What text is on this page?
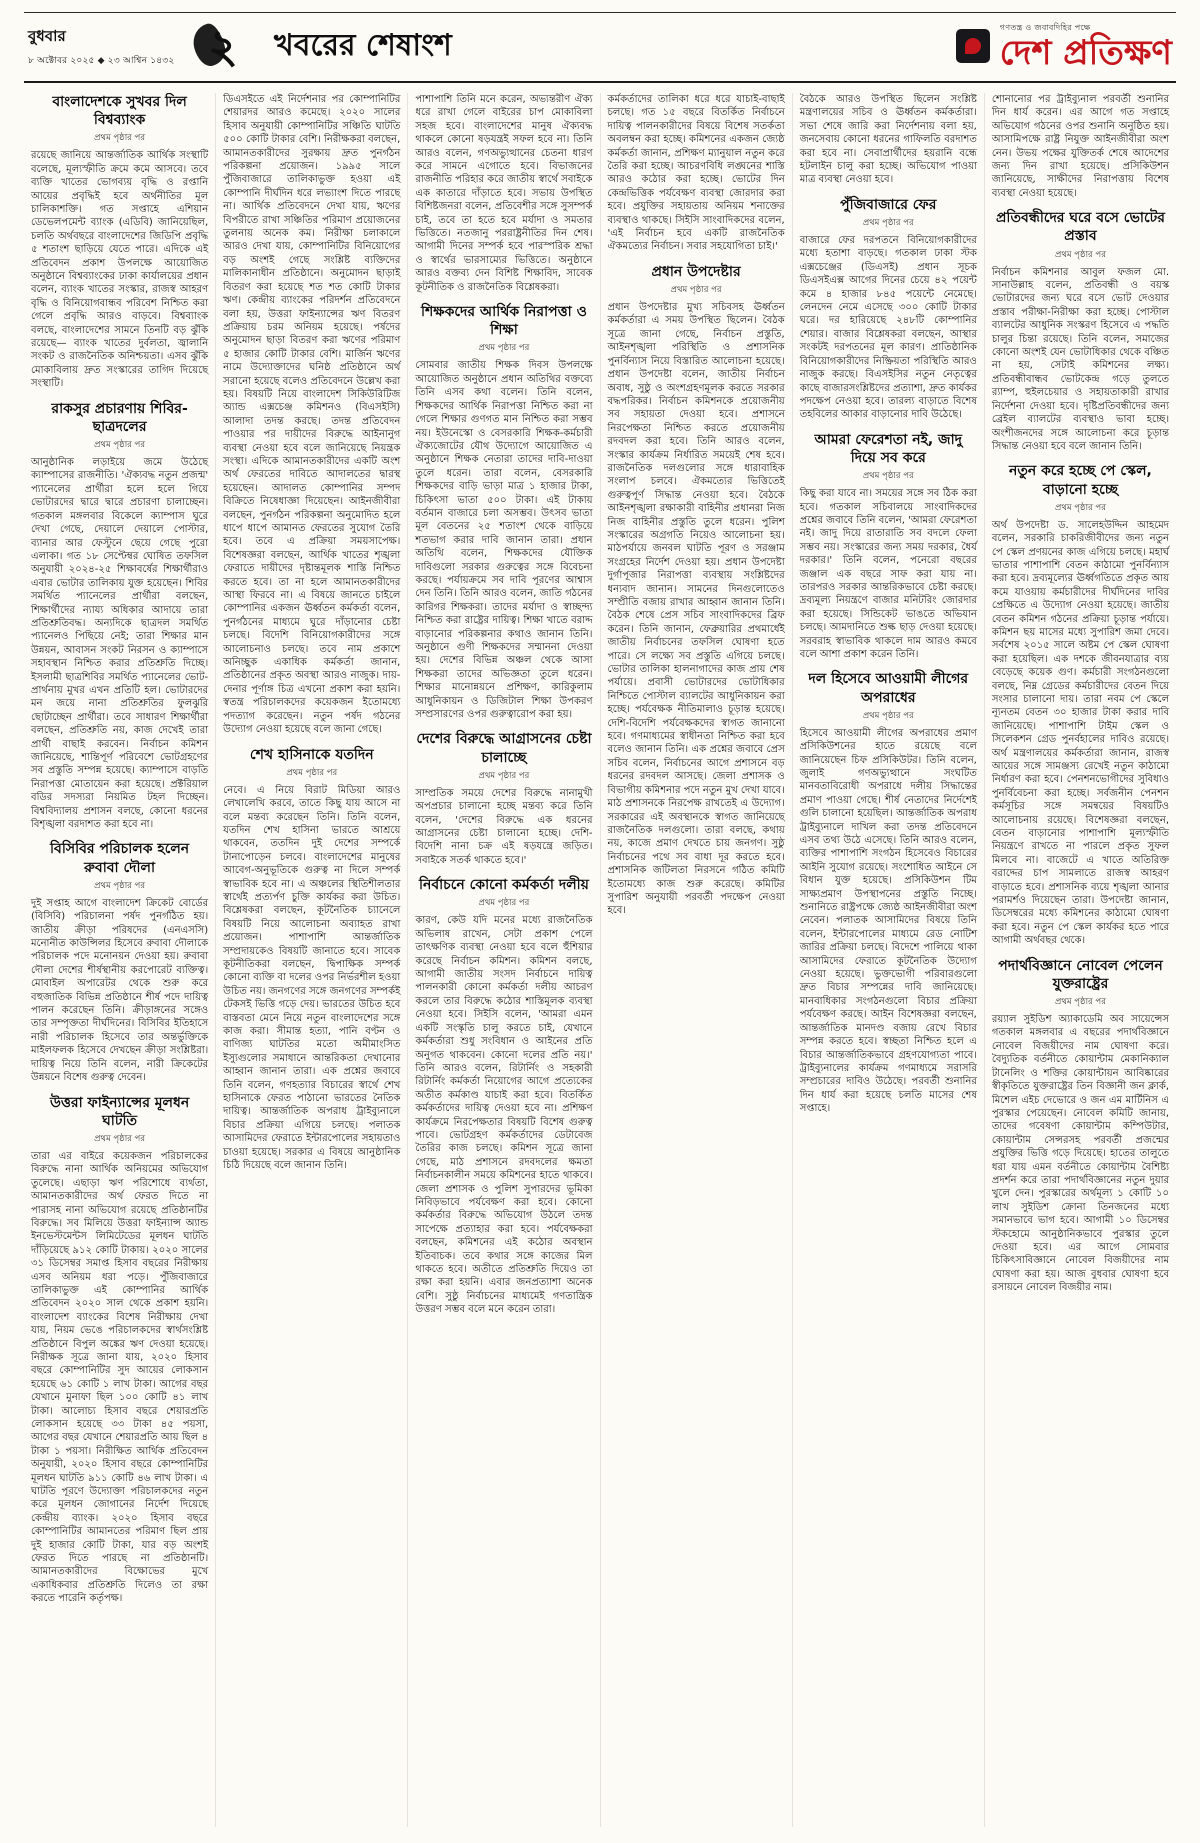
বুধবার
৮ অক্টোবর ২০২৫ ◆ ২৩ আশ্বিন ১৪৩২ ২ খবরের শেষাংশ
গণতন্ত্র ও জবাবদিহির পক্ষে
দেশ প্রতিক্ষণ
বাংলাদেশকে সুখবর দিল বিশ্বব্যাংক
প্রথম পৃষ্ঠার পর

রয়েছে জানিয়ে আন্তর্জাতিক আর্থিক সংস্থাটি বলেছে, মূল্যস্ফীতি ক্রমে কমে আসবে। তবে ব্যক্তি খাতের ভোগব্যয় বৃদ্ধি ও রপ্তানি আয়ের প্রবৃদ্ধিই হবে অর্থনীতির মূল চালিকাশক্তি। গত সপ্তাহে এশিয়ান ডেভেলপমেন্ট ব্যাংক (এডিবি) জানিয়েছিল, চলতি অর্থবছরে বাংলাদেশের জিডিপি প্রবৃদ্ধি ৫ শতাংশ ছাড়িয়ে যেতে পারে। এদিকে এই প্রতিবেদন প্রকাশ উপলক্ষে আয়োজিত অনুষ্ঠানে বিশ্বব্যাংকের ঢাকা কার্যালয়ের প্রধান বলেন, ব্যাংক খাতের সংস্কার, রাজস্ব আহরণ বৃদ্ধি ও বিনিয়োগবান্ধব পরিবেশ নিশ্চিত করা গেলে প্রবৃদ্ধি আরও বাড়বে। বিশ্বব্যাংক বলছে, বাংলাদেশের সামনে তিনটি বড় ঝুঁকি রয়েছে— ব্যাংক খাতের দুর্বলতা, জ্বালানি সংকট ও রাজনৈতিক অনিশ্চয়তা। এসব ঝুঁকি মোকাবিলায় দ্রুত সংস্কারের তাগিদ দিয়েছে সংস্থাটি।

রাকসুর প্রচারণায় শিবির-ছাত্রদলের
প্রথম পৃষ্ঠার পর

আনুষ্ঠানিক লড়াইয়ে জমে উঠেছে ক্যাম্পাসের রাজনীতি। 'ঐক্যবদ্ধ নতুন প্রজন্ম' প্যানেলের প্রার্থীরা হলে হলে গিয়ে ভোটারদের দ্বারে দ্বারে প্রচারণা চালাচ্ছেন। গতকাল মঙ্গলবার বিকেলে ক্যাম্পাস ঘুরে দেখা গেছে, দেয়ালে দেয়ালে পোস্টার, ব্যানার আর ফেস্টুনে ছেয়ে গেছে পুরো এলাকা। গত ১৮ সেপ্টেম্বর ঘোষিত তফসিল অনুযায়ী ২০২৪-২৫ শিক্ষাবর্ষের শিক্ষার্থীরাও এবার ভোটার তালিকায় যুক্ত হয়েছেন। শিবির সমর্থিত প্যানেলের প্রার্থীরা বলছেন, শিক্ষার্থীদের ন্যায্য অধিকার আদায়ে তারা প্রতিশ্রুতিবদ্ধ। অন্যদিকে ছাত্রদল সমর্থিত প্যানেলও পিছিয়ে নেই; তারা শিক্ষার মান উন্নয়ন, আবাসন সংকট নিরসন ও ক্যাম্পাসে সহাবস্থান নিশ্চিত করার প্রতিশ্রুতি দিচ্ছে। ইসলামী ছাত্রশিবির সমর্থিত প্যানেলের ভোট-প্রার্থনায় মুখর এখন প্রতিটি হল। ভোটারদের মন জয়ে নানা প্রতিশ্রুতির ফুলঝুরি ছোটাচ্ছেন প্রার্থীরা। তবে সাধারণ শিক্ষার্থীরা বলছেন, প্রতিশ্রুতি নয়, কাজ দেখেই তারা প্রার্থী বাছাই করবেন। নির্বাচন কমিশন জানিয়েছে, শান্তিপূর্ণ পরিবেশে ভোটগ্রহণের সব প্রস্তুতি সম্পন্ন হয়েছে। ক্যাম্পাসে বাড়তি নিরাপত্তা মোতায়েন করা হয়েছে। প্রক্টরিয়াল বডির সদস্যরা নিয়মিত টহল দিচ্ছেন। বিশ্ববিদ্যালয় প্রশাসন বলছে, কোনো ধরনের বিশৃঙ্খলা বরদাশত করা হবে না।

বিসিবির পরিচালক হলেন রুবাবা দৌলা
প্রথম পৃষ্ঠার পর

দুই সপ্তাহ আগে বাংলাদেশ ক্রিকেট বোর্ডের (বিসিবি) পরিচালনা পর্ষদ পুনর্গঠিত হয়। জাতীয় ক্রীড়া পরিষদের (এনএসসি) মনোনীত কাউন্সিলর হিসেবে রুবাবা দৌলাকে পরিচালক পদে মনোনয়ন দেওয়া হয়। রুবাবা দৌলা দেশের শীর্ষস্থানীয় করপোরেট ব্যক্তিত্ব। মোবাইল অপারেটর থেকে শুরু করে বহুজাতিক বিভিন্ন প্রতিষ্ঠানে শীর্ষ পদে দায়িত্ব পালন করেছেন তিনি। ক্রীড়াঙ্গনের সঙ্গেও তার সম্পৃক্ততা দীর্ঘদিনের। বিসিবির ইতিহাসে নারী পরিচালক হিসেবে তার অন্তর্ভুক্তিকে মাইলফলক হিসেবে দেখছেন ক্রীড়া সংশ্লিষ্টরা। দায়িত্ব নিয়ে তিনি বলেন, নারী ক্রিকেটের উন্নয়নে বিশেষ গুরুত্ব দেবেন।

উত্তরা ফাইন্যান্সের মূলধন ঘাটতি
প্রথম পৃষ্ঠার পর

তারা এর বাইরে কয়েকজন পরিচালকের বিরুদ্ধে নানা আর্থিক অনিয়মের অভিযোগ তুলেছে। এছাড়া ঋণ পরিশোধে ব্যর্থতা, আমানতকারীদের অর্থ ফেরত দিতে না পারাসহ নানা অভিযোগ রয়েছে প্রতিষ্ঠানটির বিরুদ্ধে। সব মিলিয়ে উত্তরা ফাইন্যান্স অ্যান্ড ইনভেস্টমেন্টস লিমিটেডের মূলধন ঘাটতি দাঁড়িয়েছে ৯১২ কোটি টাকায়। ২০২০ সালের ৩১ ডিসেম্বর সমাপ্ত হিসাব বছরের নিরীক্ষায় এসব অনিয়ম ধরা পড়ে। পুঁজিবাজারে তালিকাভুক্ত এই কোম্পানির আর্থিক প্রতিবেদন ২০২০ সাল থেকে প্রকাশ হয়নি। বাংলাদেশ ব্যাংকের বিশেষ নিরীক্ষায় দেখা যায়, নিয়ম ভেঙে পরিচালকদের স্বার্থসংশ্লিষ্ট প্রতিষ্ঠানে বিপুল অঙ্কের ঋণ দেওয়া হয়েছে। নিরীক্ষক সূত্রে জানা যায়, ২০২০ হিসাব বছরে কোম্পানিটির সুদ আয়ের লোকসান হয়েছে ৬১ কোটি ১ লাখ টাকা। আগের বছর যেখানে মুনাফা ছিল ১০০ কোটি ৪১ লাখ টাকা। আলোচ্য হিসাব বছরে শেয়ারপ্রতি লোকসান হয়েছে ৩৩ টাকা ৪৫ পয়সা, আগের বছর যেখানে শেয়ারপ্রতি আয় ছিল ৪ টাকা ১ পয়সা। নিরীক্ষিত আর্থিক প্রতিবেদন অনুযায়ী, ২০২০ হিসাব বছরে কোম্পানিটির মূলধন ঘাটতি ৯১১ কোটি ৪৬ লাখ টাকা। এ ঘাটতি পূরণে উদ্যোক্তা পরিচালকদের নতুন করে মূলধন জোগানের নির্দেশ দিয়েছে কেন্দ্রীয় ব্যাংক। ২০২০ হিসাব বছরে কোম্পানিটির আমানতের পরিমাণ ছিল প্রায় দুই হাজার কোটি টাকা, যার বড় অংশই ফেরত দিতে পারছে না প্রতিষ্ঠানটি। আমানতকারীদের বিক্ষোভের মুখে একাধিকবার প্রতিশ্রুতি দিলেও তা রক্ষা করতে পারেনি কর্তৃপক্ষ।

ডিএসইতে এই নির্দেশনার পর কোম্পানিটির শেয়ারদর আরও কমেছে। ২০২০ সালের হিসাব অনুযায়ী কোম্পানিটির সঞ্চিতি ঘাটতি ৫০০ কোটি টাকার বেশি। নিরীক্ষকরা বলছেন, আমানতকারীদের সুরক্ষায় দ্রুত পুনর্গঠন পরিকল্পনা প্রয়োজন। ১৯৯৫ সালে পুঁজিবাজারে তালিকাভুক্ত হওয়া এই কোম্পানি দীর্ঘদিন ধরে লভ্যাংশ দিতে পারছে না। আর্থিক প্রতিবেদনে দেখা যায়, ঋণের বিপরীতে রাখা সঞ্চিতির পরিমাণ প্রয়োজনের তুলনায় অনেক কম। নিরীক্ষা চলাকালে আরও দেখা যায়, কোম্পানিটির বিনিয়োগের বড় অংশই গেছে সংশ্লিষ্ট ব্যক্তিদের মালিকানাধীন প্রতিষ্ঠানে। অনুমোদন ছাড়াই বিতরণ করা হয়েছে শত শত কোটি টাকার ঋণ। কেন্দ্রীয় ব্যাংকের পরিদর্শন প্রতিবেদনে বলা হয়, উত্তরা ফাইন্যান্সের ঋণ বিতরণ প্রক্রিয়ায় চরম অনিয়ম হয়েছে। পর্ষদের অনুমোদন ছাড়া বিতরণ করা ঋণের পরিমাণ ৫ হাজার কোটি টাকার বেশি। মার্জিন ঋণের নামে উদ্যোক্তাদের ঘনিষ্ঠ প্রতিষ্ঠানে অর্থ সরানো হয়েছে বলেও প্রতিবেদনে উল্লেখ করা হয়। বিষয়টি নিয়ে বাংলাদেশ সিকিউরিটিজ অ্যান্ড এক্সচেঞ্জ কমিশনও (বিএসইসি) আলাদা তদন্ত করছে। তদন্ত প্রতিবেদন পাওয়ার পর দায়ীদের বিরুদ্ধে আইনানুগ ব্যবস্থা নেওয়া হবে বলে জানিয়েছে নিয়ন্ত্রক সংস্থা। এদিকে আমানতকারীদের একটি অংশ অর্থ ফেরতের দাবিতে আদালতের দ্বারস্থ হয়েছেন। আদালত কোম্পানির সম্পদ বিক্রিতে নিষেধাজ্ঞা দিয়েছেন। আইনজীবীরা বলছেন, পুনর্গঠন পরিকল্পনা অনুমোদিত হলে ধাপে ধাপে আমানত ফেরতের সুযোগ তৈরি হবে। তবে এ প্রক্রিয়া সময়সাপেক্ষ। বিশেষজ্ঞরা বলছেন, আর্থিক খাতের শৃঙ্খলা ফেরাতে দায়ীদের দৃষ্টান্তমূলক শাস্তি নিশ্চিত করতে হবে। তা না হলে আমানতকারীদের আস্থা ফিরবে না। এ বিষয়ে জানতে চাইলে কোম্পানির একজন ঊর্ধ্বতন কর্মকর্তা বলেন, পুনর্গঠনের মাধ্যমে ঘুরে দাঁড়ানোর চেষ্টা চলছে। বিদেশি বিনিয়োগকারীদের সঙ্গে আলোচনাও চলছে। তবে নাম প্রকাশে অনিচ্ছুক একাধিক কর্মকর্তা জানান, প্রতিষ্ঠানের প্রকৃত অবস্থা আরও নাজুক। দায়-দেনার পূর্ণাঙ্গ চিত্র এখনো প্রকাশ করা হয়নি। স্বতন্ত্র পরিচালকদের কয়েকজন ইতোমধ্যে পদত্যাগ করেছেন। নতুন পর্ষদ গঠনের উদ্যোগ নেওয়া হয়েছে বলে জানা গেছে।

শেখ হাসিনাকে যতদিন
প্রথম পৃষ্ঠার পর

নেবে। এ নিয়ে বিরাট মিডিয়া আরও লেখালেখি করবে, তাতে কিছু যায় আসে না বলে মন্তব্য করেছেন তিনি। তিনি বলেন, যতদিন শেখ হাসিনা ভারতে আশ্রয়ে থাকবেন, ততদিন দুই দেশের সম্পর্কে টানাপোড়েন চলবে। বাংলাদেশের মানুষের আবেগ-অনুভূতিকে গুরুত্ব না দিলে সম্পর্ক স্বাভাবিক হবে না। এ অঞ্চলের স্থিতিশীলতার স্বার্থেই প্রত্যর্পণ চুক্তি কার্যকর করা উচিত। বিশ্লেষকরা বলছেন, কূটনৈতিক চ্যানেলে বিষয়টি নিয়ে আলোচনা অব্যাহত রাখা প্রয়োজন। পাশাপাশি আন্তর্জাতিক সম্প্রদায়কেও বিষয়টি জানাতে হবে। সাবেক কূটনীতিকরা বলছেন, দ্বিপাক্ষিক সম্পর্ক কোনো ব্যক্তি বা দলের ওপর নির্ভরশীল হওয়া উচিত নয়। জনগণের সঙ্গে জনগণের সম্পর্কই টেকসই ভিত্তি গড়ে দেয়। ভারতের উচিত হবে বাস্তবতা মেনে নিয়ে নতুন বাংলাদেশের সঙ্গে কাজ করা। সীমান্ত হত্যা, পানি বণ্টন ও বাণিজ্য ঘাটতির মতো অমীমাংসিত ইস্যুগুলোর সমাধানে আন্তরিকতা দেখানোর আহ্বান জানান তারা। এক প্রশ্নের জবাবে তিনি বলেন, গণহত্যার বিচারের স্বার্থে শেখ হাসিনাকে ফেরত পাঠানো ভারতের নৈতিক দায়িত্ব। আন্তর্জাতিক অপরাধ ট্রাইব্যুনালে বিচার প্রক্রিয়া এগিয়ে চলছে। পলাতক আসামিদের ফেরাতে ইন্টারপোলের সহায়তাও চাওয়া হয়েছে। সরকার এ বিষয়ে আনুষ্ঠানিক চিঠি দিয়েছে বলে জানান তিনি।

পাশাপাশি তিনি মনে করেন, অভ্যন্তরীণ ঐক্য ধরে রাখা গেলে বাইরের চাপ মোকাবিলা সহজ হবে। বাংলাদেশের মানুষ ঐক্যবদ্ধ থাকলে কোনো ষড়যন্ত্রই সফল হবে না। তিনি আরও বলেন, গণঅভ্যুত্থানের চেতনা ধারণ করে সামনে এগোতে হবে। বিভাজনের রাজনীতি পরিহার করে জাতীয় স্বার্থে সবাইকে এক কাতারে দাঁড়াতে হবে। সভায় উপস্থিত বিশিষ্টজনরা বলেন, প্রতিবেশীর সঙ্গে সুসম্পর্ক চাই, তবে তা হতে হবে মর্যাদা ও সমতার ভিত্তিতে। নতজানু পররাষ্ট্রনীতির দিন শেষ। আগামী দিনের সম্পর্ক হবে পারস্পরিক শ্রদ্ধা ও স্বার্থের ভারসাম্যের ভিত্তিতে। অনুষ্ঠানে আরও বক্তব্য দেন বিশিষ্ট শিক্ষাবিদ, সাবেক কূটনীতিক ও রাজনৈতিক বিশ্লেষকরা।

শিক্ষকদের আর্থিক নিরাপত্তা ও শিক্ষা
প্রথম পৃষ্ঠার পর

সোমবার জাতীয় শিক্ষক দিবস উপলক্ষে আয়োজিত অনুষ্ঠানে প্রধান অতিথির বক্তব্যে তিনি এসব কথা বলেন। তিনি বলেন, শিক্ষকদের আর্থিক নিরাপত্তা নিশ্চিত করা না গেলে শিক্ষার গুণগত মান নিশ্চিত করা সম্ভব নয়। ইউনেস্কো ও বেসরকারি শিক্ষক-কর্মচারী ঐক্যজোটের যৌথ উদ্যোগে আয়োজিত এ অনুষ্ঠানে শিক্ষক নেতারা তাদের দাবি-দাওয়া তুলে ধরেন। তারা বলেন, বেসরকারি শিক্ষকদের বাড়ি ভাড়া মাত্র ১ হাজার টাকা, চিকিৎসা ভাতা ৫০০ টাকা। এই টাকায় বর্তমান বাজারে চলা অসম্ভব। উৎসব ভাতা মূল বেতনের ২৫ শতাংশ থেকে বাড়িয়ে শতভাগ করার দাবি জানান তারা। প্রধান অতিথি বলেন, শিক্ষকদের যৌক্তিক দাবিগুলো সরকার গুরুত্বের সঙ্গে বিবেচনা করছে। পর্যায়ক্রমে সব দাবি পূরণের আশ্বাস দেন তিনি। তিনি আরও বলেন, জাতি গঠনের কারিগর শিক্ষকরা। তাদের মর্যাদা ও স্বাচ্ছন্দ্য নিশ্চিত করা রাষ্ট্রের দায়িত্ব। শিক্ষা খাতে বরাদ্দ বাড়ানোর পরিকল্পনার কথাও জানান তিনি। অনুষ্ঠানে গুণী শিক্ষকদের সম্মাননা দেওয়া হয়। দেশের বিভিন্ন অঞ্চল থেকে আসা শিক্ষকরা তাদের অভিজ্ঞতা তুলে ধরেন। শিক্ষার মানোন্নয়নে প্রশিক্ষণ, কারিকুলাম আধুনিকায়ন ও ডিজিটাল শিক্ষা উপকরণ সম্প্রসারণের ওপর গুরুত্বারোপ করা হয়।

দেশের বিরুদ্ধে আগ্রাসনের চেষ্টা চালাচ্ছে
প্রথম পৃষ্ঠার পর

সাম্প্রতিক সময়ে দেশের বিরুদ্ধে নানামুখী অপপ্রচার চালানো হচ্ছে মন্তব্য করে তিনি বলেন, 'দেশের বিরুদ্ধে এক ধরনের আগ্রাসনের চেষ্টা চালানো হচ্ছে। দেশি-বিদেশি নানা চক্র এই ষড়যন্ত্রে জড়িত। সবাইকে সতর্ক থাকতে হবে।'

নির্বাচনে কোনো কর্মকর্তা দলীয়
প্রথম পৃষ্ঠার পর

কারণ, কেউ যদি মনের মধ্যে রাজনৈতিক অভিলাষ রাখেন, সেটা প্রকাশ পেলে তাৎক্ষণিক ব্যবস্থা নেওয়া হবে বলে হুঁশিয়ার করেছে নির্বাচন কমিশন। কমিশন বলছে, আগামী জাতীয় সংসদ নির্বাচনে দায়িত্ব পালনকারী কোনো কর্মকর্তা দলীয় আচরণ করলে তার বিরুদ্ধে কঠোর শাস্তিমূলক ব্যবস্থা নেওয়া হবে। সিইসি বলেন, 'আমরা এমন একটি সংস্কৃতি চালু করতে চাই, যেখানে কর্মকর্তারা শুধু সংবিধান ও আইনের প্রতি অনুগত থাকবেন। কোনো দলের প্রতি নয়।' তিনি আরও বলেন, রিটার্নিং ও সহকারী রিটার্নিং কর্মকর্তা নিয়োগের আগে প্রত্যেকের অতীত কর্মকাণ্ড যাচাই করা হবে। বিতর্কিত কর্মকর্তাদের দায়িত্ব দেওয়া হবে না। প্রশিক্ষণ কার্যক্রমে নিরপেক্ষতার বিষয়টি বিশেষ গুরুত্ব পাবে। ভোটগ্রহণ কর্মকর্তাদের ডেটাবেজ তৈরির কাজ চলছে। কমিশন সূত্রে জানা গেছে, মাঠ প্রশাসনে রদবদলের ক্ষমতা নির্বাচনকালীন সময়ে কমিশনের হাতে থাকবে। জেলা প্রশাসক ও পুলিশ সুপারদের ভূমিকা নিবিড়ভাবে পর্যবেক্ষণ করা হবে। কোনো কর্মকর্তার বিরুদ্ধে অভিযোগ উঠলে তদন্ত সাপেক্ষে প্রত্যাহার করা হবে। পর্যবেক্ষকরা বলছেন, কমিশনের এই কঠোর অবস্থান ইতিবাচক। তবে কথার সঙ্গে কাজের মিল থাকতে হবে। অতীতে প্রতিশ্রুতি দিয়েও তা রক্ষা করা হয়নি। এবার জনপ্রত্যাশা অনেক বেশি। সুষ্ঠু নির্বাচনের মাধ্যমেই গণতান্ত্রিক উত্তরণ সম্ভব বলে মনে করেন তারা।

কর্মকর্তাদের তালিকা ধরে ধরে যাচাই-বাছাই চলছে। গত ১৫ বছরে বিতর্কিত নির্বাচনে দায়িত্ব পালনকারীদের বিষয়ে বিশেষ সতর্কতা অবলম্বন করা হচ্ছে। কমিশনের একজন জ্যেষ্ঠ কর্মকর্তা জানান, প্রশিক্ষণ ম্যানুয়াল নতুন করে তৈরি করা হচ্ছে। আচরণবিধি লঙ্ঘনের শাস্তি আরও কঠোর করা হচ্ছে। ভোটের দিন কেন্দ্রভিত্তিক পর্যবেক্ষণ ব্যবস্থা জোরদার করা হবে। প্রযুক্তির সহায়তায় অনিয়ম শনাক্তের ব্যবস্থাও থাকছে। সিইসি সাংবাদিকদের বলেন, 'এই নির্বাচন হবে একটি রাজনৈতিক ঐকমত্যের নির্বাচন। সবার সহযোগিতা চাই।'

প্রধান উপদেষ্টার
প্রথম পৃষ্ঠার পর

প্রধান উপদেষ্টার মুখ্য সচিবসহ ঊর্ধ্বতন কর্মকর্তারা এ সময় উপস্থিত ছিলেন। বৈঠক সূত্রে জানা গেছে, নির্বাচন প্রস্তুতি, আইনশৃঙ্খলা পরিস্থিতি ও প্রশাসনিক পুনর্বিন্যাস নিয়ে বিস্তারিত আলোচনা হয়েছে। প্রধান উপদেষ্টা বলেন, জাতীয় নির্বাচন অবাধ, সুষ্ঠু ও অংশগ্রহণমূলক করতে সরকার বদ্ধপরিকর। নির্বাচন কমিশনকে প্রয়োজনীয় সব সহায়তা দেওয়া হবে। প্রশাসনে নিরপেক্ষতা নিশ্চিত করতে প্রয়োজনীয় রদবদল করা হবে। তিনি আরও বলেন, সংস্কার কার্যক্রম নির্ধারিত সময়েই শেষ হবে। রাজনৈতিক দলগুলোর সঙ্গে ধারাবাহিক সংলাপ চলবে। ঐকমত্যের ভিত্তিতেই গুরুত্বপূর্ণ সিদ্ধান্ত নেওয়া হবে। বৈঠকে আইনশৃঙ্খলা রক্ষাকারী বাহিনীর প্রধানরা নিজ নিজ বাহিনীর প্রস্তুতি তুলে ধরেন। পুলিশ সংস্কারের অগ্রগতি নিয়েও আলোচনা হয়। মাঠপর্যায়ে জনবল ঘাটতি পূরণ ও সরঞ্জাম সংগ্রহের নির্দেশ দেওয়া হয়। প্রধান উপদেষ্টা দুর্গাপূজার নিরাপত্তা ব্যবস্থায় সংশ্লিষ্টদের ধন্যবাদ জানান। সামনের দিনগুলোতেও সম্প্রীতি বজায় রাখার আহ্বান জানান তিনি। বৈঠক শেষে প্রেস সচিব সাংবাদিকদের ব্রিফ করেন। তিনি জানান, ফেব্রুয়ারির প্রথমার্ধেই জাতীয় নির্বাচনের তফসিল ঘোষণা হতে পারে। সে লক্ষ্যে সব প্রস্তুতি এগিয়ে চলছে। ভোটার তালিকা হালনাগাদের কাজ প্রায় শেষ পর্যায়ে। প্রবাসী ভোটারদের ভোটাধিকার নিশ্চিতে পোস্টাল ব্যালটের আধুনিকায়ন করা হচ্ছে। পর্যবেক্ষক নীতিমালাও চূড়ান্ত হয়েছে। দেশি-বিদেশি পর্যবেক্ষকদের স্বাগত জানানো হবে। গণমাধ্যমের স্বাধীনতা নিশ্চিত করা হবে বলেও জানান তিনি। এক প্রশ্নের জবাবে প্রেস সচিব বলেন, নির্বাচনের আগে প্রশাসনে বড় ধরনের রদবদল আসছে। জেলা প্রশাসক ও বিভাগীয় কমিশনার পদে নতুন মুখ দেখা যাবে। মাঠ প্রশাসনকে নিরপেক্ষ রাখতেই এ উদ্যোগ। সরকারের এই অবস্থানকে স্বাগত জানিয়েছে রাজনৈতিক দলগুলো। তারা বলছে, কথায় নয়, কাজে প্রমাণ দেখতে চায় জনগণ। সুষ্ঠু নির্বাচনের পথে সব বাধা দূর করতে হবে। প্রশাসনিক জটিলতা নিরসনে গঠিত কমিটি ইতোমধ্যে কাজ শুরু করেছে। কমিটির সুপারিশ অনুযায়ী পরবর্তী পদক্ষেপ নেওয়া হবে।

বৈঠকে আরও উপস্থিত ছিলেন সংশ্লিষ্ট মন্ত্রণালয়ের সচিব ও ঊর্ধ্বতন কর্মকর্তারা। সভা শেষে জারি করা নির্দেশনায় বলা হয়, জনসেবায় কোনো ধরনের গাফিলতি বরদাশত করা হবে না। সেবাপ্রার্থীদের হয়রানি বন্ধে হটলাইন চালু করা হচ্ছে। অভিযোগ পাওয়া মাত্র ব্যবস্থা নেওয়া হবে।

পুঁজিবাজারে ফের
প্রথম পৃষ্ঠার পর

বাজারে ফের দরপতনে বিনিয়োগকারীদের মধ্যে হতাশা বাড়ছে। গতকাল ঢাকা স্টক এক্সচেঞ্জের (ডিএসই) প্রধান সূচক ডিএসইএক্স আগের দিনের চেয়ে ৪২ পয়েন্ট কমে ৪ হাজার ৮৪৫ পয়েন্টে নেমেছে। লেনদেন নেমে এসেছে ৩০০ কোটি টাকার ঘরে। দর হারিয়েছে ২৪৮টি কোম্পানির শেয়ার। বাজার বিশ্লেষকরা বলছেন, আস্থার সংকটই দরপতনের মূল কারণ। প্রাতিষ্ঠানিক বিনিয়োগকারীদের নিষ্ক্রিয়তা পরিস্থিতি আরও নাজুক করছে। বিএসইসির নতুন নেতৃত্বের কাছে বাজারসংশ্লিষ্টদের প্রত্যাশা, দ্রুত কার্যকর পদক্ষেপ নেওয়া হবে। তারল্য বাড়াতে বিশেষ তহবিলের আকার বাড়ানোর দাবি উঠেছে।

আমরা ফেরেশতা নই, জাদু দিয়ে সব করে
প্রথম পৃষ্ঠার পর

কিছু করা যাবে না। সময়ের সঙ্গে সব ঠিক করা হবে। গতকাল সচিবালয়ে সাংবাদিকদের প্রশ্নের জবাবে তিনি বলেন, 'আমরা ফেরেশতা নই। জাদু দিয়ে রাতারাতি সব বদলে ফেলা সম্ভব নয়। সংস্কারের জন্য সময় দরকার, ধৈর্য দরকার।' তিনি বলেন, পনেরো বছরের জঞ্জাল এক বছরে সাফ করা যায় না। তারপরও সরকার আন্তরিকভাবে চেষ্টা করছে। দ্রব্যমূল্য নিয়ন্ত্রণে বাজার মনিটরিং জোরদার করা হয়েছে। সিন্ডিকেট ভাঙতে অভিযান চলছে। আমদানিতে শুল্ক ছাড় দেওয়া হয়েছে। সরবরাহ স্বাভাবিক থাকলে দাম আরও কমবে বলে আশা প্রকাশ করেন তিনি।

দল হিসেবে আওয়ামী লীগের অপরাধের
প্রথম পৃষ্ঠার পর

হিসেবে আওয়ামী লীগের অপরাধের প্রমাণ প্রসিকিউশনের হাতে রয়েছে বলে জানিয়েছেন চিফ প্রসিকিউটর। তিনি বলেন, জুলাই গণঅভ্যুত্থানে সংঘটিত মানবতাবিরোধী অপরাধে দলীয় সিদ্ধান্তের প্রমাণ পাওয়া গেছে। শীর্ষ নেতাদের নির্দেশেই গুলি চালানো হয়েছিল। আন্তর্জাতিক অপরাধ ট্রাইব্যুনালে দাখিল করা তদন্ত প্রতিবেদনে এসব তথ্য উঠে এসেছে। তিনি আরও বলেন, ব্যক্তির পাশাপাশি সংগঠন হিসেবেও বিচারের আইনি সুযোগ রয়েছে। সংশোধিত আইনে সে বিধান যুক্ত হয়েছে। প্রসিকিউশন টিম সাক্ষ্যপ্রমাণ উপস্থাপনের প্রস্তুতি নিচ্ছে। শুনানিতে রাষ্ট্রপক্ষে জ্যেষ্ঠ আইনজীবীরা অংশ নেবেন। পলাতক আসামিদের বিষয়ে তিনি বলেন, ইন্টারপোলের মাধ্যমে রেড নোটিশ জারির প্রক্রিয়া চলছে। বিদেশে পালিয়ে থাকা আসামিদের ফেরাতে কূটনৈতিক উদ্যোগ নেওয়া হয়েছে। ভুক্তভোগী পরিবারগুলো দ্রুত বিচার সম্পন্নের দাবি জানিয়েছে। মানবাধিকার সংগঠনগুলো বিচার প্রক্রিয়া পর্যবেক্ষণ করছে। আইন বিশেষজ্ঞরা বলছেন, আন্তর্জাতিক মানদণ্ড বজায় রেখে বিচার সম্পন্ন করতে হবে। স্বচ্ছতা নিশ্চিত হলে এ বিচার আন্তর্জাতিকভাবে গ্রহণযোগ্যতা পাবে। ট্রাইব্যুনালের কার্যক্রম গণমাধ্যমে সরাসরি সম্প্রচারের দাবিও উঠেছে। পরবর্তী শুনানির দিন ধার্য করা হয়েছে চলতি মাসের শেষ সপ্তাহে।

শোনানোর পর ট্রাইব্যুনাল পরবর্তী শুনানির দিন ধার্য করেন। এর আগে গত সপ্তাহে অভিযোগ গঠনের ওপর শুনানি অনুষ্ঠিত হয়। আসামিপক্ষে রাষ্ট্র নিযুক্ত আইনজীবীরা অংশ নেন। উভয় পক্ষের যুক্তিতর্ক শেষে আদেশের জন্য দিন রাখা হয়েছে। প্রসিকিউশন জানিয়েছে, সাক্ষীদের নিরাপত্তায় বিশেষ ব্যবস্থা নেওয়া হয়েছে।

প্রতিবন্ধীদের ঘরে বসে ভোটের প্রস্তাব
প্রথম পৃষ্ঠার পর

নির্বাচন কমিশনার আবুল ফজল মো. সানাউল্লাহ বলেন, প্রতিবন্ধী ও বয়স্ক ভোটারদের জন্য ঘরে বসে ভোট দেওয়ার প্রস্তাব পরীক্ষা-নিরীক্ষা করা হচ্ছে। পোস্টাল ব্যালটের আধুনিক সংস্করণ হিসেবে এ পদ্ধতি চালুর চিন্তা রয়েছে। তিনি বলেন, সমাজের কোনো অংশই যেন ভোটাধিকার থেকে বঞ্চিত না হয়, সেটাই কমিশনের লক্ষ্য। প্রতিবন্ধীবান্ধব ভোটকেন্দ্র গড়ে তুলতে র‌্যাম্প, হুইলচেয়ার ও সহায়তাকারী রাখার নির্দেশনা দেওয়া হবে। দৃষ্টিপ্রতিবন্ধীদের জন্য ব্রেইল ব্যালটের ব্যবস্থাও ভাবা হচ্ছে। অংশীজনদের সঙ্গে আলোচনা করে চূড়ান্ত সিদ্ধান্ত নেওয়া হবে বলে জানান তিনি।

নতুন করে হচ্ছে পে স্কেল, বাড়ানো হচ্ছে
প্রথম পৃষ্ঠার পর

অর্থ উপদেষ্টা ড. সালেহউদ্দিন আহমেদ বলেন, সরকারি চাকরিজীবীদের জন্য নতুন পে স্কেল প্রণয়নের কাজ এগিয়ে চলছে। মহার্ঘ ভাতার পাশাপাশি বেতন কাঠামো পুনর্বিন্যাস করা হবে। দ্রব্যমূল্যের ঊর্ধ্বগতিতে প্রকৃত আয় কমে যাওয়ায় কর্মচারীদের দীর্ঘদিনের দাবির প্রেক্ষিতে এ উদ্যোগ নেওয়া হয়েছে। জাতীয় বেতন কমিশন গঠনের প্রক্রিয়া চূড়ান্ত পর্যায়ে। কমিশন ছয় মাসের মধ্যে সুপারিশ জমা দেবে। সর্বশেষ ২০১৫ সালে অষ্টম পে স্কেল ঘোষণা করা হয়েছিল। এক দশকে জীবনযাত্রার ব্যয় বেড়েছে কয়েক গুণ। কর্মচারী সংগঠনগুলো বলছে, নিম্ন গ্রেডের কর্মচারীদের বেতন দিয়ে সংসার চালানো দায়। তারা নবম পে স্কেলে ন্যূনতম বেতন ৩০ হাজার টাকা করার দাবি জানিয়েছে। পাশাপাশি টাইম স্কেল ও সিলেকশন গ্রেড পুনর্বহালের দাবিও রয়েছে। অর্থ মন্ত্রণালয়ের কর্মকর্তারা জানান, রাজস্ব আয়ের সঙ্গে সামঞ্জস্য রেখেই নতুন কাঠামো নির্ধারণ করা হবে। পেনশনভোগীদের সুবিধাও পুনর্বিবেচনা করা হচ্ছে। সর্বজনীন পেনশন কর্মসূচির সঙ্গে সমন্বয়ের বিষয়টিও আলোচনায় রয়েছে। বিশেষজ্ঞরা বলছেন, বেতন বাড়ানোর পাশাপাশি মূল্যস্ফীতি নিয়ন্ত্রণে রাখতে না পারলে প্রকৃত সুফল মিলবে না। বাজেটে এ খাতে অতিরিক্ত বরাদ্দের চাপ সামলাতে রাজস্ব আহরণ বাড়াতে হবে। প্রশাসনিক ব্যয়ে শৃঙ্খলা আনার পরামর্শও দিয়েছেন তারা। উপদেষ্টা জানান, ডিসেম্বরের মধ্যে কমিশনের কাঠামো ঘোষণা করা হবে। নতুন পে স্কেল কার্যকর হতে পারে আগামী অর্থবছর থেকে।

পদার্থবিজ্ঞানে নোবেল পেলেন যুক্তরাষ্ট্রের
প্রথম পৃষ্ঠার পর

রয়্যাল সুইডিশ অ্যাকাডেমি অব সায়েন্সেস গতকাল মঙ্গলবার এ বছরের পদার্থবিজ্ঞানে নোবেল বিজয়ীদের নাম ঘোষণা করে। বৈদ্যুতিক বর্তনীতে কোয়ান্টাম মেকানিক্যাল টানেলিং ও শক্তির কোয়ান্টায়ন আবিষ্কারের স্বীকৃতিতে যুক্তরাষ্ট্রের তিন বিজ্ঞানী জন ক্লার্ক, মিশেল এইচ দেভোরে ও জন এম মার্টিনিস এ পুরস্কার পেয়েছেন। নোবেল কমিটি জানায়, তাদের গবেষণা কোয়ান্টাম কম্পিউটার, কোয়ান্টাম সেন্সরসহ পরবর্তী প্রজন্মের প্রযুক্তির ভিত্তি গড়ে দিয়েছে। হাতের তালুতে ধরা যায় এমন বর্তনীতে কোয়ান্টাম বৈশিষ্ট্য প্রদর্শন করে তারা পদার্থবিজ্ঞানের নতুন দুয়ার খুলে দেন। পুরস্কারের অর্থমূল্য ১ কোটি ১০ লাখ সুইডিশ ক্রোনা তিনজনের মধ্যে সমানভাবে ভাগ হবে। আগামী ১০ ডিসেম্বর স্টকহোমে আনুষ্ঠানিকভাবে পুরস্কার তুলে দেওয়া হবে। এর আগে সোমবার চিকিৎসাবিজ্ঞানে নোবেল বিজয়ীদের নাম ঘোষণা করা হয়। আজ বুধবার ঘোষণা হবে রসায়নে নোবেল বিজয়ীর নাম।
